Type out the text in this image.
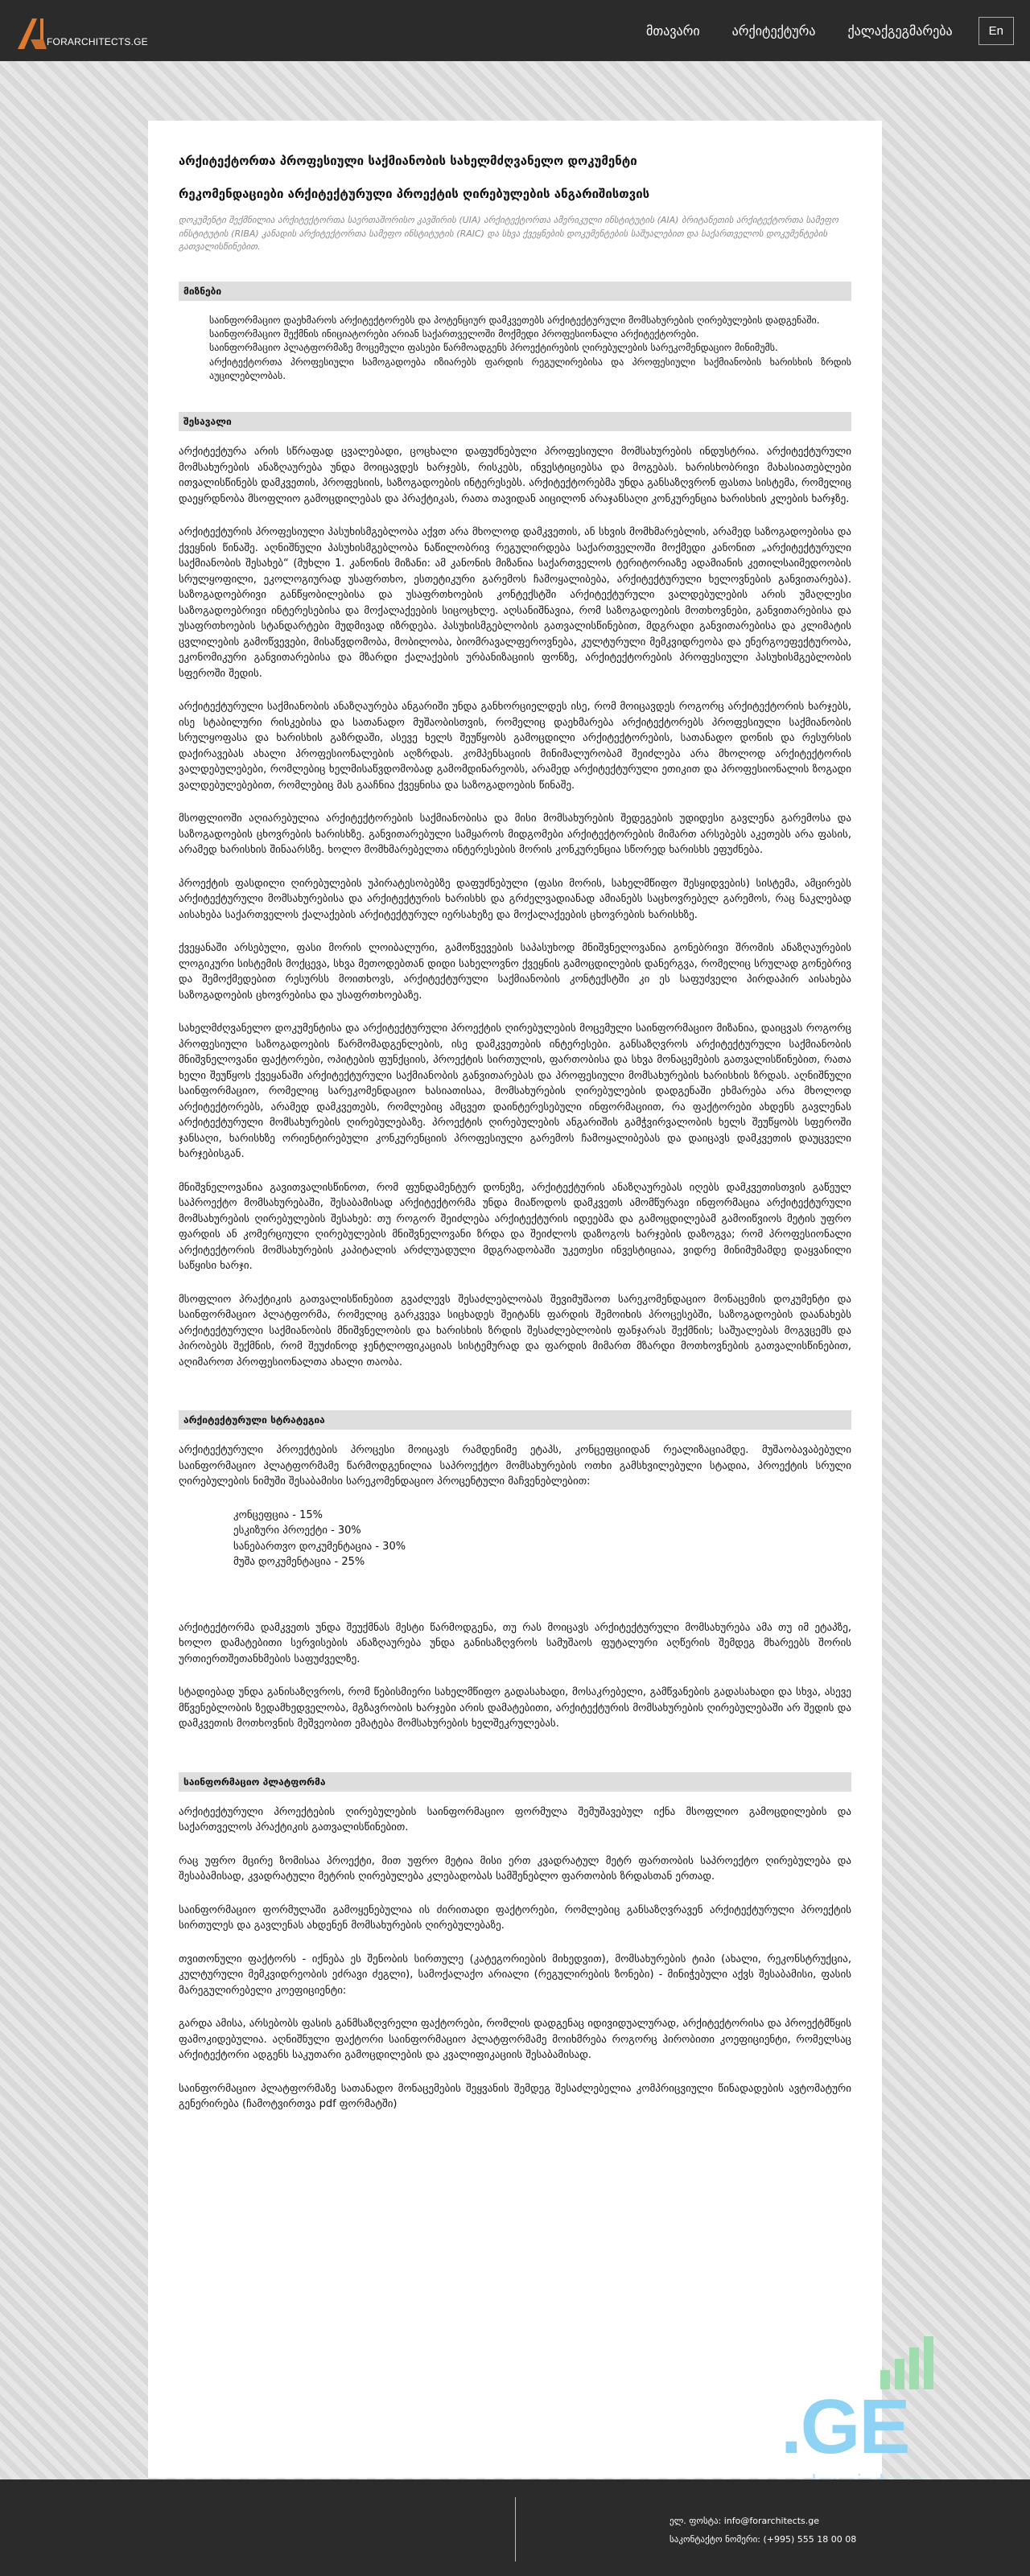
FORARCHITECTS.GE
მთავარი	არქიტექტურა	ქალაქგეგმარება	En
არქიტექტორთა პროფესიული საქმიანობის სახელმძღვანელო დოკუმენტი
რეკომენდაციები არქიტექტურული პროექტის ღირებულების ანგარიშისთვის
დოკუმენტი შექმნილია არქიტექტორთა საერთაშორისო კავშირის (UIA) არქიტექტორთა ამერიკული ინსტიტუტის (AIA) ბრიტანეთის არქიტექტორთა სამეფო ინსტიტუტის (RIBA) კანადის არქიტექტორთა სამეფო ინსტიტუტის (RAIC) და სხვა ქვეყნების დოკუმენტების საშუალებით და საქართველოს დოკუმენტების გათვალისწინებით.
მიზნები
საინფორმაციო დაეხმაროს არქიტექტორებს და პოტენციურ დამკვეთებს არქიტექტურული მომსახურების ღირებულების დადგენაში.
საინფორმაციო შექმნის ინიციატორები არიან საქართველოში მოქმედი პროფესიონალი არქიტექტორები.
საინფორმაციო პლატფორმაზე მოცემული ფასები წარმოადგენს პროექტირების ღირებულების სარეკომენდაციო მინიმუმს.
არქიტექტორთა პროფესიული სამოგადოება იზიარებს ფარდის რეგულირებისა და პროფესიული საქმიანობის ხარისხის ზრდის აუცილებლობას.
შესავალი

არქიტექტურა არის სწრაფად ცვალებადი, ცოცხალი დაფუძნებული პროფესიული მომსახურების ინდუსტრია. არქიტექტურული მომსახურების ანაზღაურება უნდა მოიცავდეს ხარჯებს, რისკებს, ინვესტიციებსა და მოგებას. ხარისხობრივი მახასიათებლები ითვალისწინებს დამკვეთის, პროფესიის, საზოგადოების ინტერესებს. არქიტექტორებმა უნდა განსაზღვრონ ფასთა სისტემა, რომელიც დაეყრდნობა მსოფლიო გამოცდილებას და პრაქტიკას, რათა თავიდან აიცილონ არაჯანსაღი კონკურენცია ხარისხის კლების ხარჯზე.

არქიტექტურის პროფესიული პასუხისმგებლობა აქვთ არა მხოლოდ დამკვეთის, ან სხვის მომხმარებლის, არამედ საზოგადოებისა და ქვეყნის წინაშე. აღნიშნული პასუხისმგებლობა ნაწილობრივ რეგულირდება საქართველოში მოქმედი კანონით „არქიტექტურული საქმიანობის შესახებ“ (მუხლი 1. კანონის მიზანი: ამ კანონის მიზანია საქართველოს ტერიტორიაზე ადამიანის კეთილსაიმედოობის სრულყოფილი, ეკოლოგიურად უსაფრთხო, ესთეტიკური გარემოს ჩამოყალიბება, არქიტექტურული ხელოვნების განვითარება). საზოგადოებრივი განწყობილებისა და უსაფრთხოების კონტექსტში არქიტექტურული ვალდებულების არის უმაღლესი საზოგადოებრივი ინტერესებისა და მოქალაქეების სიცოცხლე. აღსანიშნავია, რომ საზოგადოების მოთხოვნები, განვითარებისა და უსაფრთხოების სტანდარტები მუდმივად იზრდება. პასუხისმგებლობის გათვალისწინებით, მდგრადი განვითარებისა და კლიმატის ცვლილების გამოწვევები, მისაწვდომობა, მობილობა, ბიომრავალფეროვნება, კულტურული მემკვიდრეობა და ენერგოეფექტურობა, ეკონომიკური განვითარებისა და მზარდი ქალაქების ურბანიზაციის ფონზე, არქიტექტორების პროფესიული პასუხისმგებლობის სფეროში შედის.

არქიტექტურული საქმიანობის ანაზღაურება ანგარიში უნდა განხორციელდეს ისე, რომ მოიცავდეს როგორც არქიტექტორის ხარჯებს, ისე სტაბილური რისკებისა და სათანადო მუშაობისთვის, რომელიც დაეხმარება არქიტექტორებს პროფესიული საქმიანობის სრულყოფასა და ხარისხის გაზრდაში, ასევე ხელს შეუწყობს გამოცდილი არქიტექტორების, სათანადო დონის და რესურსის დაქირავებას ახალი პროფესიონალების აღზრდას. კომპენსაციის მინიმალურობამ შეიძლება არა მხოლოდ არქიტექტორის ვალდებულებები, რომლებიც ხელმისაწვდომობად გამომდინარეობს, არამედ არქიტექტურული ეთიკით და პროფესიონალის ზოგადი ვალდებულებებით, რომლებიც მას გააჩნია ქვეყნისა და საზოგადოების წინაშე.

მსოფლიოში აღიარებულია არქიტექტორების საქმიანობისა და მისი მომსახურების შედეგების უდიდესი გავლენა გარემოსა და საზოგადოების ცხოვრების ხარისხზე. განვითარებული სამყაროს მიდგომები არქიტექტორების მიმართ არსებებს აკეთებს არა ფასის, არამედ ხარისხის შინაარსზე. ხოლო მომხმარებელთა ინტერესების მორის კონკურენცია სწორედ ხარისხს ეფუძნება.

პროექტის ფასდილი ღირებულების უპირატესობებზე დაფუძნებული (ფასი მორის, სახელმწიფო შესყიდვების) სისტემა, ამცირებს არქიტექტურული მომსახურებისა და არქიტექტურის ხარისხს და გრძელვადიანად ამიანებს საცხოვრებელ გარემოს, რაც ნაკლებად აისახება საქართველოს ქალაქების არქიტექტურულ იერსახეზე და მოქალაქეების ცხოვრების ხარისხზე.

ქვეყანაში არსებული, ფასი მორის ლოიბალური, გამოწვევების საპასუხოდ მნიშვნელოვანია გონებრივი შრომის ანაზღაურების ლოგიკური სისტემის მოქცევა, სხვა მეთოდებთან დიდი სახელოვნო ქვეყნის გამოცდილების დანერგვა, რომელიც სრულად გონებრივ და შემოქმედებით რესურსს მოითხოვს, არქიტექტურული საქმიანობის კონტექსტში კი ეს საფუძველი პირდაპირ აისახება საზოგადოების ცხოვრებისა და უსაფრთხოებაზე.

სახელმძღვანელო დოკუმენტისა და არქიტექტურული პროექტის ღირებულების მოცემული საინფორმაციო მიზანია, დაიცვას როგორც პროფესიული საზოგადოების წარმომადგენლების, ისე დამკვეთების ინტერესები. განსაზღვროს არქიტექტურული საქმიანობის მნიშვნელოვანი ფაქტორები, ოპიტების ფუნქციის, პროექტის სირთულის, ფართობისა და სხვა მონაცემების გათვალისწინებით, რათა ხელი შეუწყოს ქვეყანაში არქიტექტურული საქმიანობის განვითარებას და პროფესიული მომსახურების ხარისხის ზრდას. აღნიშნული საინფორმაციო, რომელიც სარეკომენდაციო ხასიათისაა, მომსახურების ღირებულების დადგენაში ეხმარება არა მხოლოდ არქიტექტორებს, არამედ დამკვეთებს, რომლებიც ამცვეთ დაინტერესებული ინფორმაციით, რა ფაქტორები ახდენს გავლენას არქიტექტურული მომსახურების ღირებულებაზე. პროექტის ღირებულების ანგარიშის გამჭვირვალობის ხელს შეუწყობს სფეროში ჯანსაღი, ხარისხზე ორიენტირებული კონკურენციის პროფესიული გარემოს ჩამოყალიბებას და დაიცავს დამკვეთის დაუცველი ხარჯებისგან.

მნიშვნელოვანია გავითვალისწინოთ, რომ ფუნდამენტურ დონეზე, არქიტექტურის ანაზღაურებას იღებს დამკვეთისთვის გაწეულ საპროექტო მომსახურებაში, შესაბამისად არქიტექტორმა უნდა მიაწოდოს დამკვეთს ამომწურავი ინფორმაცია არქიტექტურული მომსახურების ღირებულების შესახებ: თუ როგორ შეიძლება არქიტექტურის იდეებმა და გამოცდილებამ გამოიწვიოს მეტის უფრო ფარდის ან კომერციული ღირებულების მნიშვნელოვანი ზრდა და შეიძლოს დაზოგოს ხარჯების დაზოგვა; რომ პროფესიონალი არქიტექტორის მომსახურების კაპიტალის არძლუადული მდგრადობაში უკეთესი ინვესტიციაა, ვიდრე მინიმუმამდე დაყვანილი საწყისი ხარჯი.

მსოფლიო პრაქტიკის გათვალისწინებით გვაძლევს შესაძლებლობას შევიმუშაოთ სარეკომენდაციო მონაცემის დოკუმენტი და საინფორმაციო პლატფორმა, რომელიც გარკვევა სიცხადეს შეიტანს ფარდის შემოიხის პროცესებში, საზოგადოების დაანახებს არქიტექტურული საქმიანობის მნიშვნელობის და ხარისხის ზრდის შესაძლებლობის ფანჯარას შექმნის; საშუალებას მოგვცემს და პირობებს შექმნის, რომ შეუძინოდ ჯენტლოფიკაციას სისტემურად და ფარდის მიმართ მზარდი მოთხოვნების გათვალისწინებით, აღიმაროთ პროფესიონალთა ახალი თაობა.

არქიტექტურული სტრატეგია

არქიტექტურული პროექტების პროცესი მოიცავს რამდენიმე ეტაპს, კონცეფციიდან რეალიზაციამდე. მუშაობავაბებული საინფორმაციო პლატფორმამე წარმოდგენილია საპროექტო მომსახურების ოთხი გამსხვილებული სტადია, პროექტის სრული ღირებულების ნიმუში შესაბამისი სარეკომენდაციო პროცენტული მაჩვენებლებით:

კონცეფცია - 15%
ესკიზური პროექტი - 30%
სანებართვო დოკუმენტაცია - 30%
მუშა დოკუმენტაცია - 25%

არქიტექტორმა დამკვეთს უნდა შეუქმნას მესტი წარმოდგენა, თუ რას მოიცავს არქიტექტურული მომსახურება ამა თუ იმ ეტაპზე, ხოლო დამატებითი სერვისების ანაზღაურება უნდა განისაზღვროს სამუშაოს ფუტალური აღწერის შემდეგ მხარეებს შორის ურთიერთშეთანხმების საფუძველზე.

სტადიებად უნდა განისაზღვროს, რომ წებისმიერი სახელმწიფო გადასახადი, მოსაკრებელი, გამწვანების გადასახადი და სხვა, ასევე მწვენებლობის ზედამხედველობა, მგზავრობის ხარჯები არის დამატებითი, არქიტექტურის მომსახურების ღირებულებაში არ შედის და დამკვეთის მოთხოვნის მეშვეობით ემატება მომსახურების ხელშეკრულებას.

საინფორმაციო პლატფორმა

არქიტექტურული პროექტების ღირებულების საინფორმაციო ფორმულა შემუშავებულ იქნა მსოფლიო გამოცდილების და საქართველოს პრაქტიკის გათვალისწინებით.

რაც უფრო მცირე ზომისაა პროექტი, მით უფრო მეტია მისი ერთ კვადრატულ მეტრ ფართობის საპროექტო ღირებულება და შესაბამისად, კვადრატული მეტრის ღირებულება კლებადობას სამშენებლო ფართობის ზრდასთან ერთად.

საინფორმაციო ფორმულაში გამოყენებულია ის ძირითადი ფაქტორები, რომლებიც განსაზღვრავენ არქიტექტურული პროექტის სირთულეს და გავლენას ახდენენ მომსახურების ღირებულებაზე.

თვითონული ფაქტორს - იქნება ეს შენობის სირთულე (კატეგორიების მიხედვით), მომსახურების ტიპი (ახალი, რეკონსტრუქცია, კულტურული მემკვიდრეობის ეძრავი ძეგლი), სამოქალაქო არიალი (რეგულირების ზონები) - მინიჭებული აქვს შესაბამისი, ფასის მარეგულირებელი კოეფიციენტი:

გარდა ამისა, არსებობს ფასის განმსაზღვრელი ფაქტორები, რომლის დადგენაც იდივიდუალურად, არქიტექტორისა და პროექტმწყის ფამოკიდებულია. აღნიშნული ფაქტორი საინფორმაციო პლატფორმამე მოიხმრება როგორც პირობითი კოეფიციენტი, რომელსაც არქიტექტორი ადგენს საკუთარი გამოცდილების და კვალიფიკაციის შესაბამისად.

საინფორმაციო პლატფორმაზე სათანადო მონაცემების შეყვანის შემდეგ შესაძლებელია კომპრიცვიული წინადადების ავტომატური გენერირება (ჩამოტვირთვა pdf ფორმატში)

.GE
ელ. ფოსტა: info@forarchitects.ge
საკონტაქტო ნომერი: (+995) 555 18 00 08
